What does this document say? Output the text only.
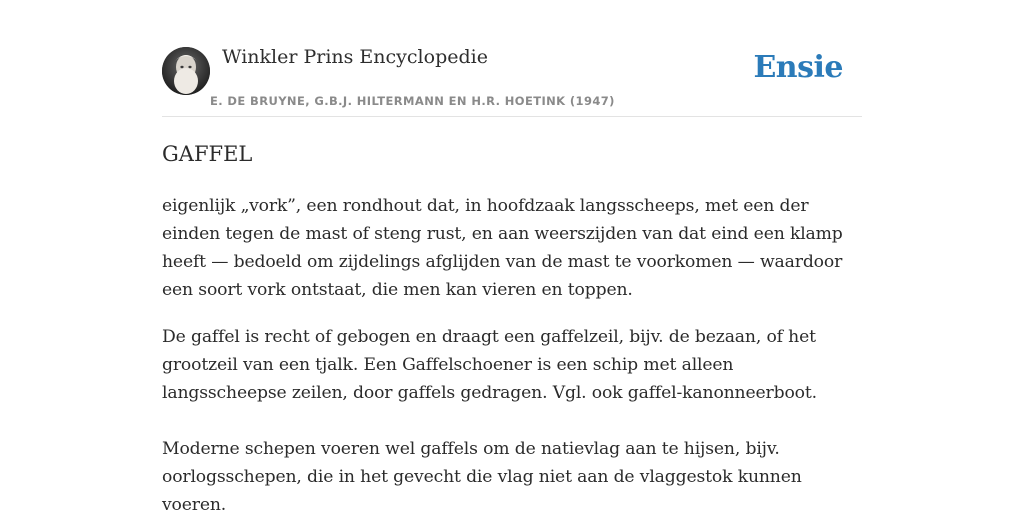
Winkler Prins Encyclopedie
E. DE BRUYNE, G.B.J. HILTERMANN EN H.R. HOETINK (1947)
Ensie
GAFFEL

eigenlijk „vork”, een rondhout dat, in hoofdzaak langsscheeps, met een der einden tegen de mast of steng rust, en aan weerszijden van dat eind een klamp heeft — bedoeld om zijdelings afglijden van de mast te voorkomen — waardoor een soort vork ontstaat, die men kan vieren en toppen.

De gaffel is recht of gebogen en draagt een gaffelzeil, bijv. de bezaan, of het grootzeil van een tjalk. Een Gaffelschoener is een schip met alleen langsscheepse zeilen, door gaffels gedragen. Vgl. ook gaffel-kanonneerboot.

Moderne schepen voeren wel gaffels om de natievlag aan te hijsen, bijv. oorlogsschepen, die in het gevecht die vlag niet aan de vlaggestok kunnen voeren.
